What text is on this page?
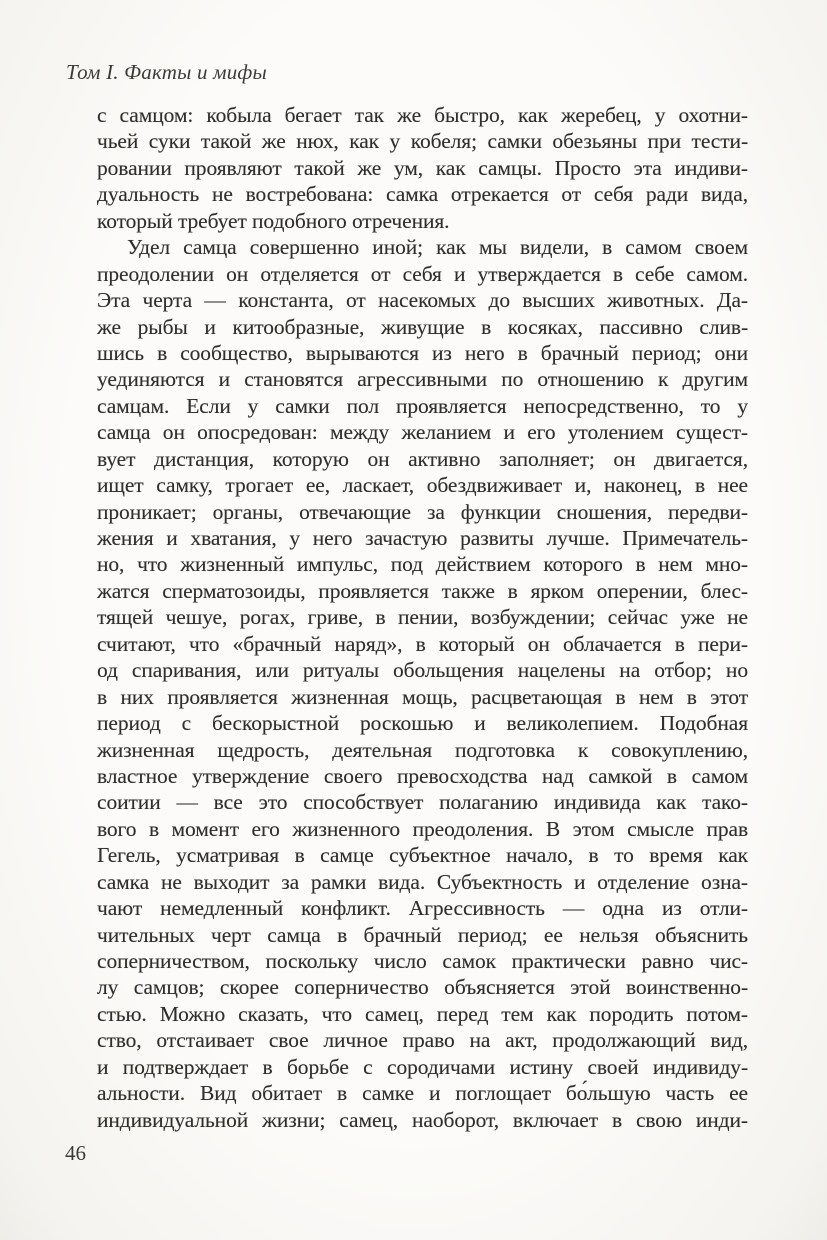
Том I. Факты и мифы
с самцом: кобыла бегает так же быстро, как жеребец, у охотни-
чьей суки такой же нюх, как у кобеля; самки обезьяны при тести-
ровании проявляют такой же ум, как самцы. Просто эта индиви-
дуальность не востребована: самка отрекается от себя ради вида,
который требует подобного отречения.
Удел самца совершенно иной; как мы видели, в самом своем
преодолении он отделяется от себя и утверждается в себе самом.
Эта черта — константа, от насекомых до высших животных. Да-
же рыбы и китообразные, живущие в косяках, пассивно слив-
шись в сообщество, вырываются из него в брачный период; они
уединяются и становятся агрессивными по отношению к другим
самцам. Если у самки пол проявляется непосредственно, то у
самца он опосредован: между желанием и его утолением сущест-
вует дистанция, которую он активно заполняет; он двигается,
ищет самку, трогает ее, ласкает, обездвиживает и, наконец, в нее
проникает; органы, отвечающие за функции сношения, передви-
жения и хватания, у него зачастую развиты лучше. Примечатель-
но, что жизненный импульс, под действием которого в нем мно-
жатся сперматозоиды, проявляется также в ярком оперении, блес-
тящей чешуе, рогах, гриве, в пении, возбуждении; сейчас уже не
считают, что «брачный наряд», в который он облачается в пери-
од спаривания, или ритуалы обольщения нацелены на отбор; но
в них проявляется жизненная мощь, расцветающая в нем в этот
период с бескорыстной роскошью и великолепием. Подобная
жизненная щедрость, деятельная подготовка к совокуплению,
властное утверждение своего превосходства над самкой в самом
соитии — все это способствует полаганию индивида как тако-
вого в момент его жизненного преодоления. В этом смысле прав
Гегель, усматривая в самце субъектное начало, в то время как
самка не выходит за рамки вида. Субъектность и отделение озна-
чают немедленный конфликт. Агрессивность — одна из отли-
чительных черт самца в брачный период; ее нельзя объяснить
соперничеством, поскольку число самок практически равно чис-
лу самцов; скорее соперничество объясняется этой воинственно-
стью. Можно сказать, что самец, перед тем как породить потом-
ство, отстаивает свое личное право на акт, продолжающий вид,
и подтверждает в борьбе с сородичами истину своей индивиду-
альности. Вид обитает в самке и поглощает бо́льшую часть ее
индивидуальной жизни; самец, наоборот, включает в свою инди-
46
